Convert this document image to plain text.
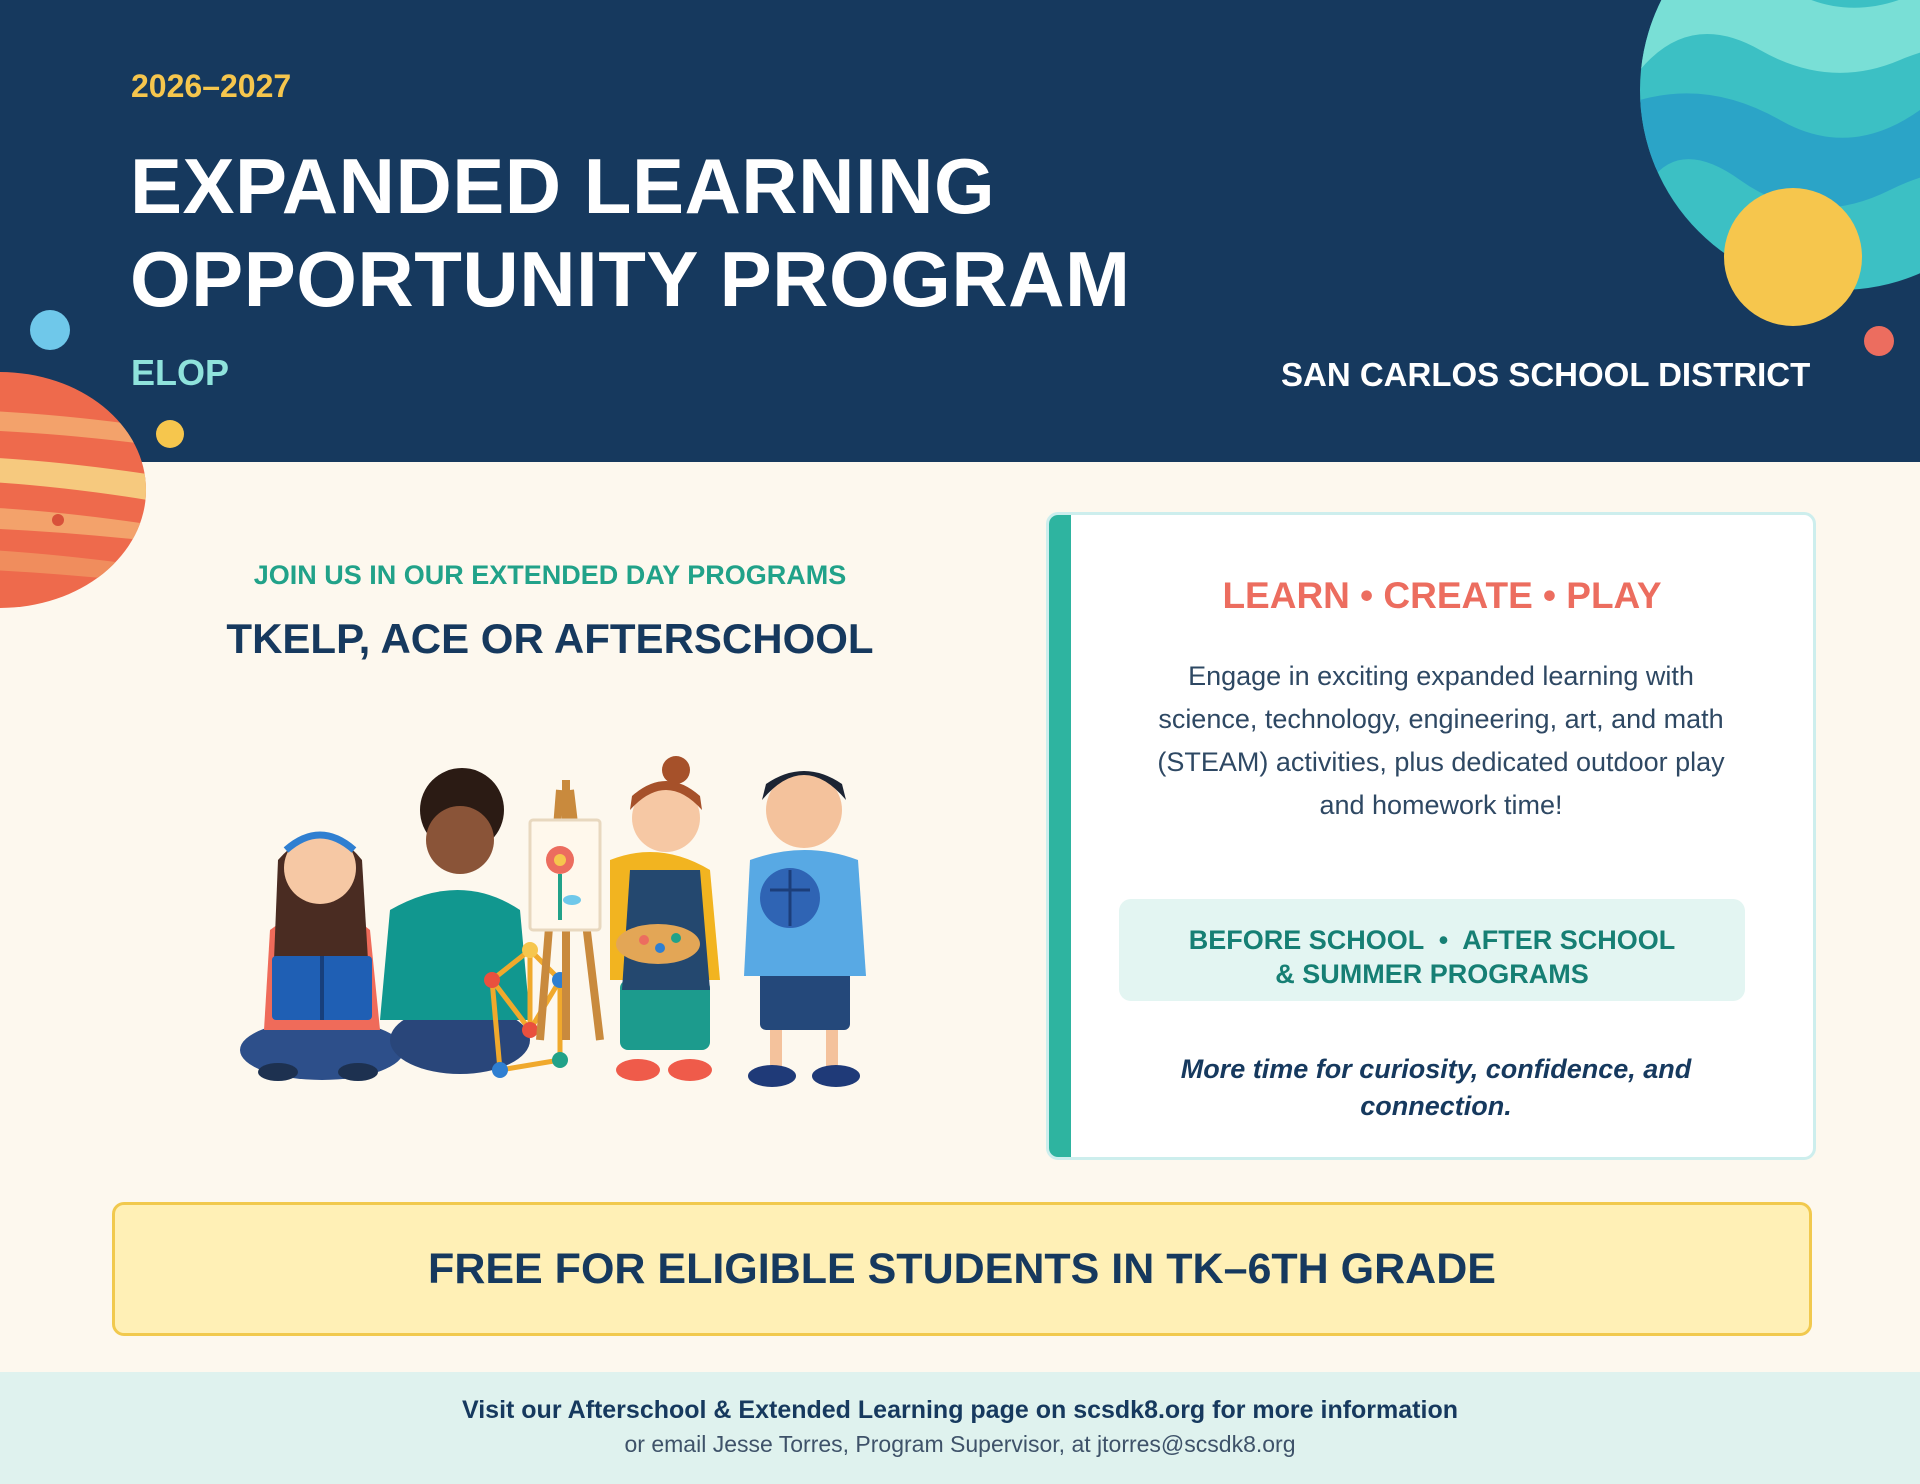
2026–2027
EXPANDED LEARNING
OPPORTUNITY PROGRAM
ELOP	SAN CARLOS SCHOOL DISTRICT
JOIN US IN OUR EXTENDED DAY PROGRAMS
TKELP, ACE OR AFTERSCHOOL
LEARN • CREATE • PLAY
Engage in exciting expanded learning with science, technology, engineering, art, and math (STEAM) activities, plus dedicated outdoor play and homework time!
BEFORE SCHOOL  •  AFTER SCHOOL
& SUMMER PROGRAMS
More time for curiosity, confidence, and connection.
FREE FOR ELIGIBLE STUDENTS IN TK–6TH GRADE
Visit our Afterschool & Extended Learning page on scsdk8.org for more information
or email Jesse Torres, Program Supervisor, at jtorres@scsdk8.org
